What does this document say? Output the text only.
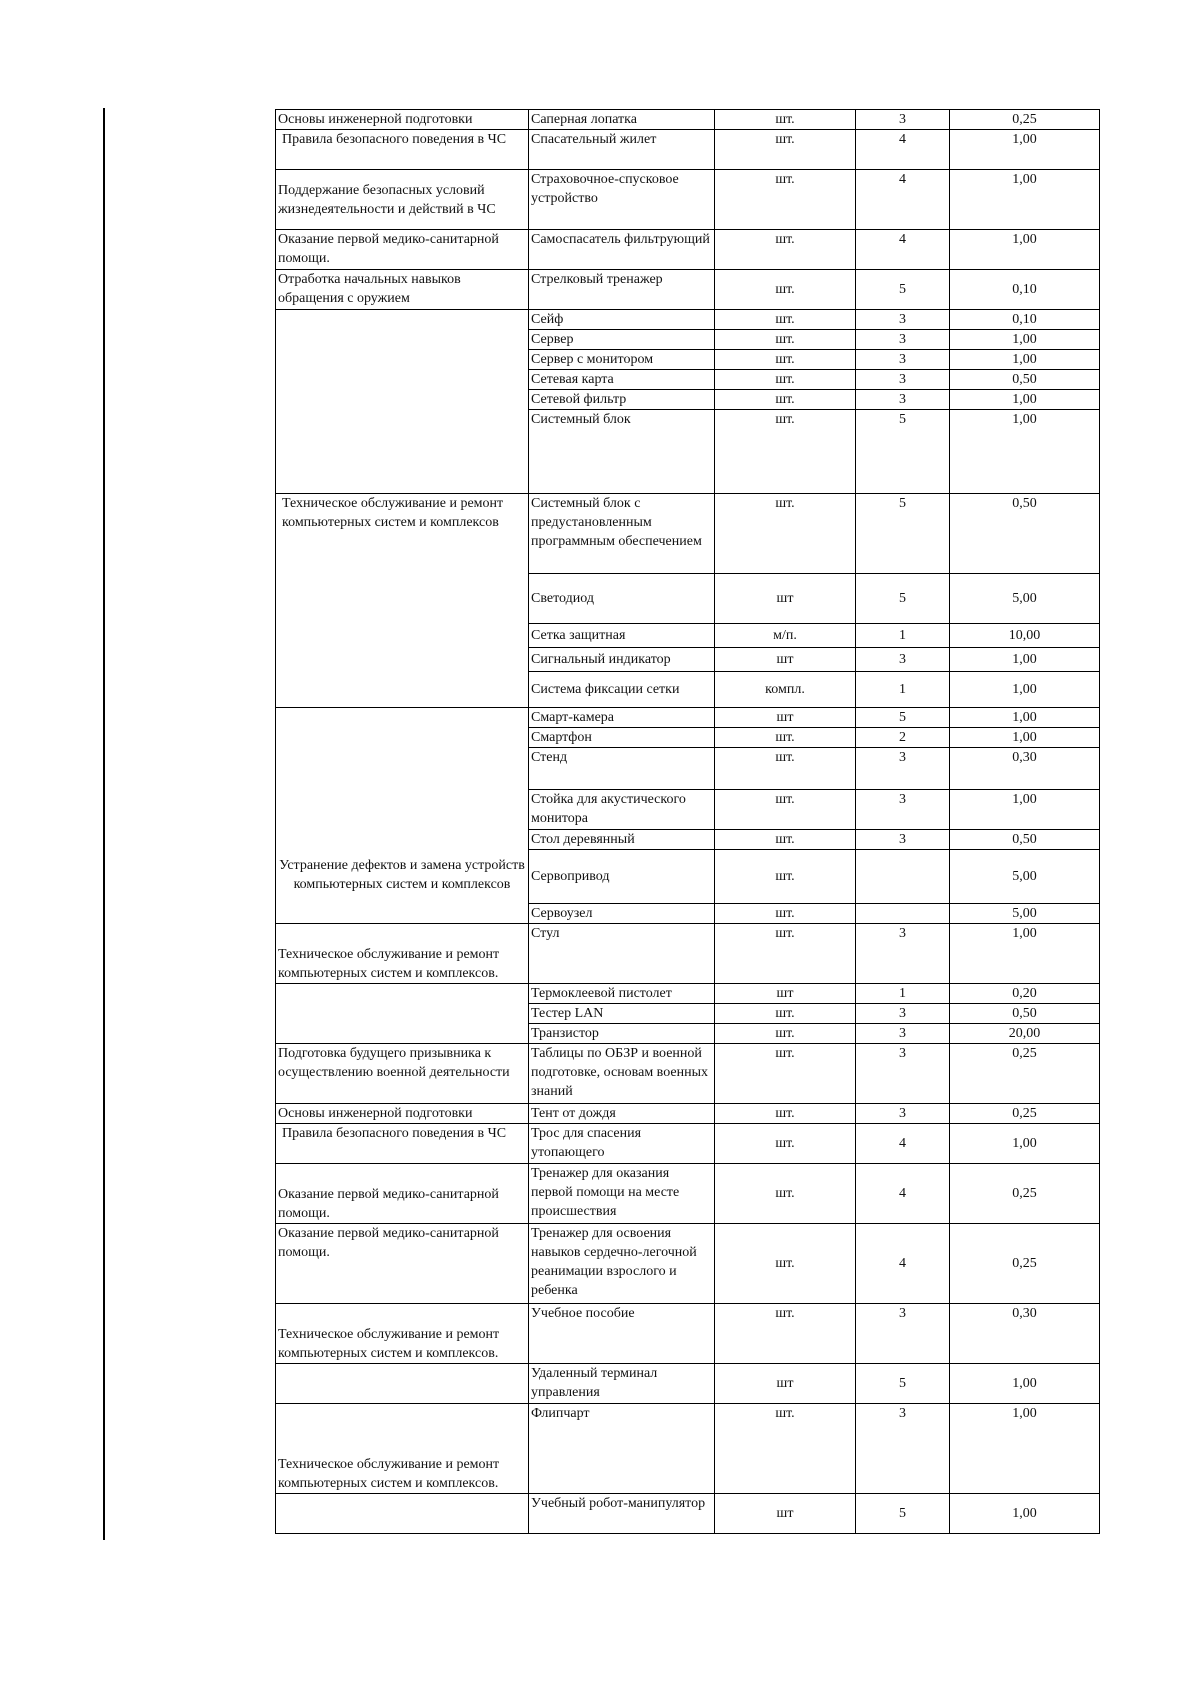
Основы инженерной подготовки	Саперная лопатка	шт.	3	0,25
Правила безопасного поведения в ЧС	Спасательный жилет	шт.	4	1,00
Поддержание безопасных условий жизнедеятельности и действий в ЧС	Страховочное-спусковое устройство	шт.	4	1,00
Оказание первой медико-санитарной помощи.	Самоспасатель фильтрующий	шт.	4	1,00
Отработка начальных навыков обращения с оружием	Стрелковый тренажер	шт.	5	0,10
	Сейф	шт.	3	0,10
	Сервер	шт.	3	1,00
	Сервер с монитором	шт.	3	1,00
	Сетевая карта	шт.	3	0,50
	Сетевой фильтр	шт.	3	1,00
	Системный блок	шт.	5	1,00
Техническое обслуживание и ремонт компьютерных систем и комплексов	Системный блок с предустановленным программным обеспечением	шт.	5	0,50
	Светодиод	шт	5	5,00
	Сетка защитная	м/п.	1	10,00
	Сигнальный индикатор	шт	3	1,00
	Система фиксации сетки	компл.	1	1,00

Устранение дефектов и замена устройств компьютерных систем и комплексов	Смарт-камера	шт	5	1,00
	Смартфон	шт.	2	1,00
	Стенд	шт.	3	0,30
	Стойка для акустического монитора	шт.	3	1,00
	Стол деревянный	шт.	3	0,50
	Сервопривод	шт.		5,00
	Сервоузел	шт.		5,00
Техническое обслуживание и ремонт компьютерных систем и комплексов.	Стул	шт.	3	1,00
	Термоклеевой пистолет	шт	1	0,20
	Тестер LAN	шт.	3	0,50
	Транзистор	шт.	3	20,00
Подготовка будущего призывника к осуществлению военной деятельности	Таблицы по ОБЗР и военной подготовке, основам военных знаний	шт.	3	0,25
Основы инженерной подготовки	Тент от дождя	шт.	3	0,25
Правила безопасного поведения в ЧС	Трос для спасения утопающего	шт.	4	1,00
Оказание первой медико-санитарной помощи.	Тренажер для оказания первой помощи на месте происшествия	шт.	4	0,25
Оказание первой медико-санитарной помощи.	Тренажер для освоения навыков сердечно-легочной реанимации взрослого и ребенка	шт.	4	0,25
Техническое обслуживание и ремонт компьютерных систем и комплексов.	Учебное пособие	шт.	3	0,30
	Удаленный терминал управления	шт	5	1,00
Техническое обслуживание и ремонт компьютерных систем и комплексов.	Флипчарт	шт.	3	1,00
	Учебный робот-манипулятор	шт	5	1,00
